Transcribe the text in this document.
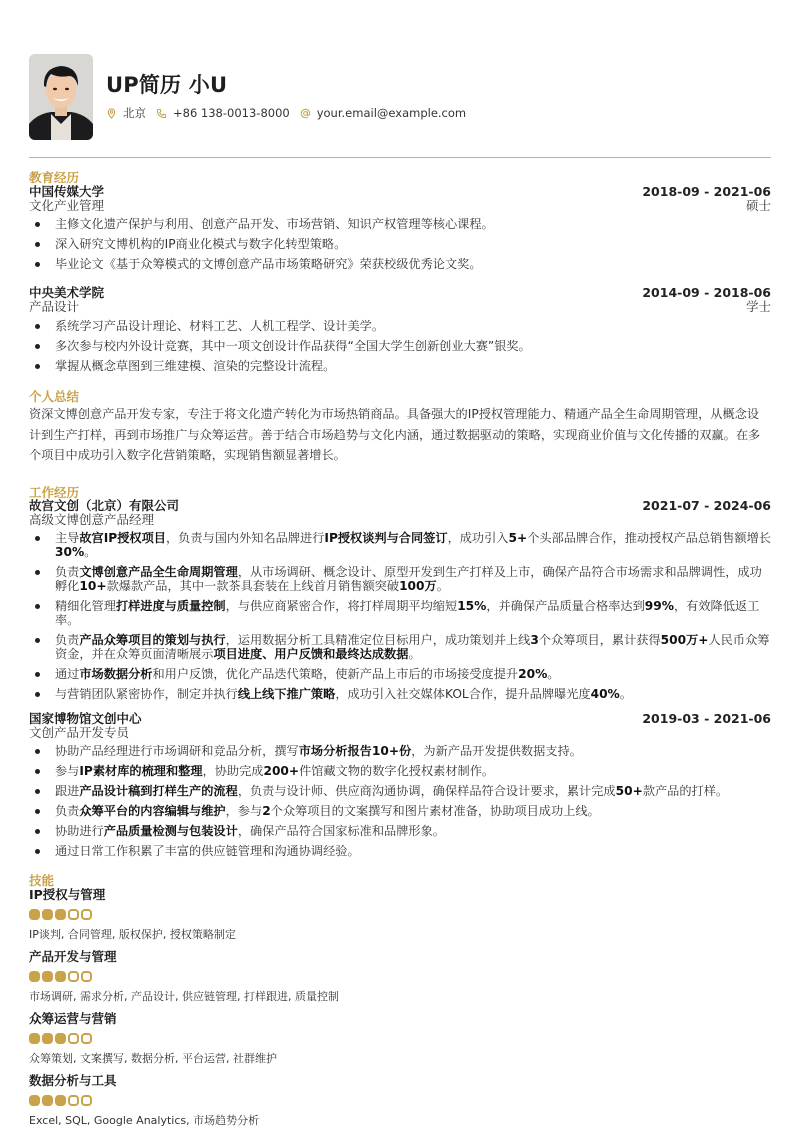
UP简历 小U
北京 +86 138-0013-8000 your.email@example.com
教育经历
中国传媒大学
文化产业管理
2018-09 - 2021-06
硕士
主修文化遗产保护与利用、创意产品开发、市场营销、知识产权管理等核心课程。
深入研究文博机构的IP商业化模式与数字化转型策略。
毕业论文《基于众筹模式的文博创意产品市场策略研究》荣获校级优秀论文奖。
中央美术学院
产品设计
2014-09 - 2018-06
学士
系统学习产品设计理论、材料工艺、人机工程学、设计美学。
多次参与校内外设计竞赛，其中一项文创设计作品获得“全国大学生创新创业大赛”银奖。
掌握从概念草图到三维建模、渲染的完整设计流程。
个人总结
资深文博创意产品开发专家，专注于将文化遗产转化为市场热销商品。具备强大的IP授权管理能力、精通产品全生命周期管理，从概念设计到生产打样，再到市场推广与众筹运营。善于结合市场趋势与文化内涵，通过数据驱动的策略，实现商业价值与文化传播的双赢。在多个项目中成功引入数字化营销策略，实现销售额显著增长。
工作经历
故宫文创（北京）有限公司
高级文博创意产品经理
2021-07 - 2024-06
主导故宫IP授权项目，负责与国内外知名品牌进行IP授权谈判与合同签订，成功引入5+个头部品牌合作，推动授权产品总销售额增长30%。
负责文博创意产品全生命周期管理，从市场调研、概念设计、原型开发到生产打样及上市，确保产品符合市场需求和品牌调性，成功孵化10+款爆款产品，其中一款茶具套装在上线首月销售额突破100万。
精细化管理打样进度与质量控制，与供应商紧密合作，将打样周期平均缩短15%，并确保产品质量合格率达到99%，有效降低返工率。
负责产品众筹项目的策划与执行，运用数据分析工具精准定位目标用户，成功策划并上线3个众筹项目，累计获得500万+人民币众筹资金，并在众筹页面清晰展示项目进度、用户反馈和最终达成数据。
通过市场数据分析和用户反馈，优化产品迭代策略，使新产品上市后的市场接受度提升20%。
与营销团队紧密协作，制定并执行线上线下推广策略，成功引入社交媒体KOL合作，提升品牌曝光度40%。
国家博物馆文创中心
文创产品开发专员
2019-03 - 2021-06
协助产品经理进行市场调研和竞品分析，撰写市场分析报告10+份，为新产品开发提供数据支持。
参与IP素材库的梳理和整理，协助完成200+件馆藏文物的数字化授权素材制作。
跟进产品设计稿到打样生产的流程，负责与设计师、供应商沟通协调，确保样品符合设计要求，累计完成50+款产品的打样。
负责众筹平台的内容编辑与维护，参与2个众筹项目的文案撰写和图片素材准备，协助项目成功上线。
协助进行产品质量检测与包装设计，确保产品符合国家标准和品牌形象。
通过日常工作积累了丰富的供应链管理和沟通协调经验。
技能
IP授权与管理
IP谈判, 合同管理, 版权保护, 授权策略制定
产品开发与管理
市场调研, 需求分析, 产品设计, 供应链管理, 打样跟进, 质量控制
众筹运营与营销
众筹策划, 文案撰写, 数据分析, 平台运营, 社群维护
数据分析与工具
Excel, SQL, Google Analytics, 市场趋势分析
